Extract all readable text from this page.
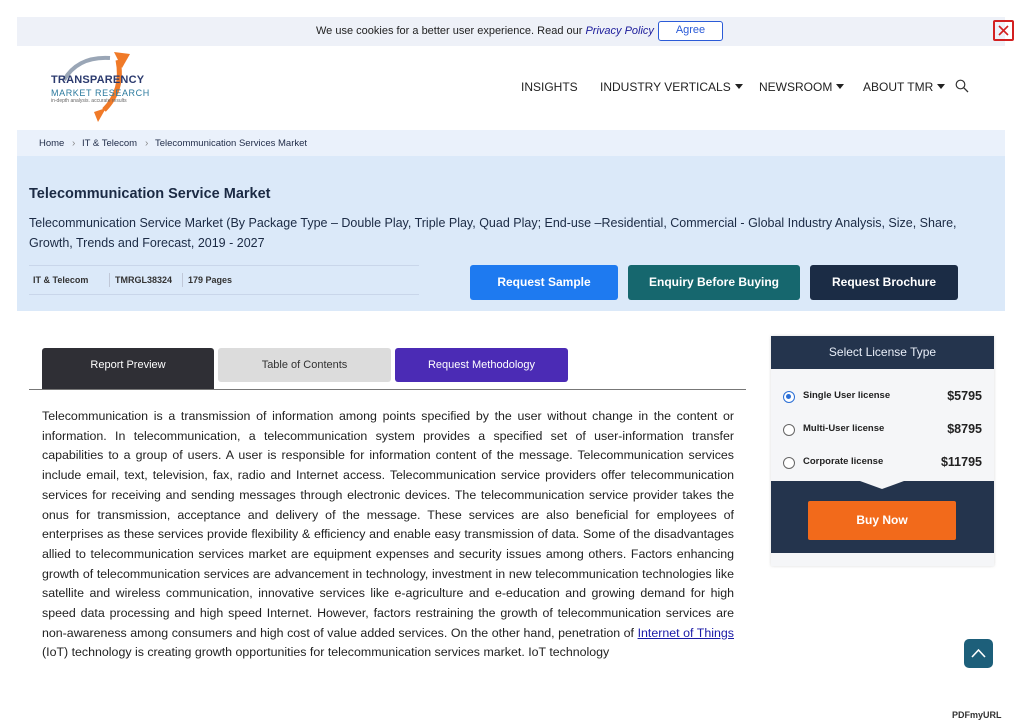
We use cookies for a better user experience. Read our Privacy Policy	Agree
TRANSPARENCY
MARKET RESEARCH
in-depth analysis. accurate results
INSIGHTS INDUSTRY VERTICALS	NEWSROOM	ABOUT TMR
Home › IT & Telecom › Telecommunication Services Market
Telecommunication Service Market
Telecommunication Service Market (By Package Type – Double Play, Triple Play, Quad Play; End-use –Residential, Commercial - Global Industry Analysis, Size, Share, Growth, Trends and Forecast, 2019 - 2027
IT & Telecom	TMRGL38324 179 Pages	Request Sample	Enquiry Before Buying	Request Brochure
Report Preview	Table of Contents	Request Methodology
Telecommunication is a transmission of information among points specified by the user without change in the content or information. In telecommunication, a telecommunication system provides a specified set of user-information transfer capabilities to a group of users. A user is responsible for information content of the message. Telecommunication services include email, text, television, fax, radio and Internet access. Telecommunication service providers offer telecommunication services for receiving and sending messages through electronic devices. The telecommunication service provider takes the onus for transmission, acceptance and delivery of the message. These services are also beneficial for employees of enterprises as these services provide flexibility & efficiency and enable easy transmission of data. Some of the disadvantages allied to telecommunication services market are equipment expenses and security issues among others. Factors enhancing growth of telecommunication services are advancement in technology, investment in new telecommunication technologies like satellite and wireless communication, innovative services like e-agriculture and e-education and growing demand for high speed data processing and high speed Internet. However, factors restraining the growth of telecommunication services are non-awareness among consumers and high cost of value added services. On the other hand, penetration of Internet of Things (IoT) technology is creating growth opportunities for telecommunication services market. IoT technology
Select License Type
Single User license	$5795
Multi-User license	$8795
Corporate license	$11795
Buy Now
PDFmyURL
